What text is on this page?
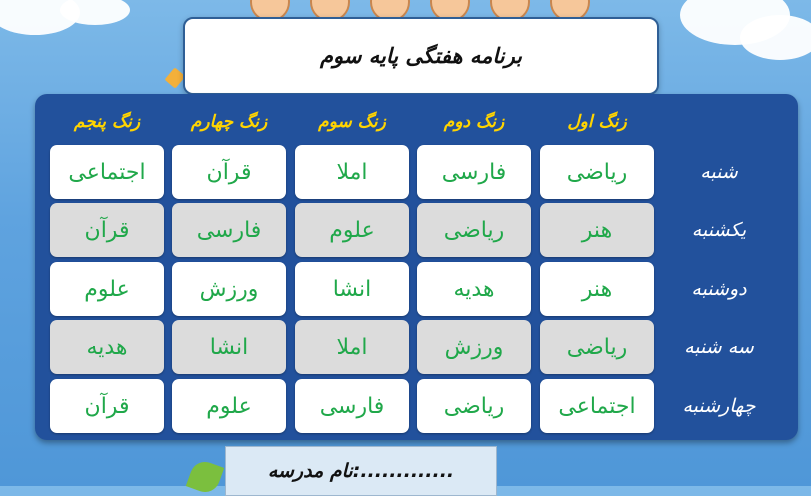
برنامه هفتگی پایه سوم
زنگ اول
زنگ دوم
زنگ سوم
زنگ چهارم
زنگ پنجم
شنبه
یکشنبه
دوشنبه
سه شنبه
چهارشنبه
ریاضی
فارسی
املا
قرآن
اجتماعی
هنر
ریاضی
علوم
فارسی
قرآن
هنر
هدیه
انشا
ورزش
علوم
ریاضی
ورزش
املا
انشا
هدیه
اجتماعی
ریاضی
فارسی
علوم
قرآن
نام مدرسه:.............
